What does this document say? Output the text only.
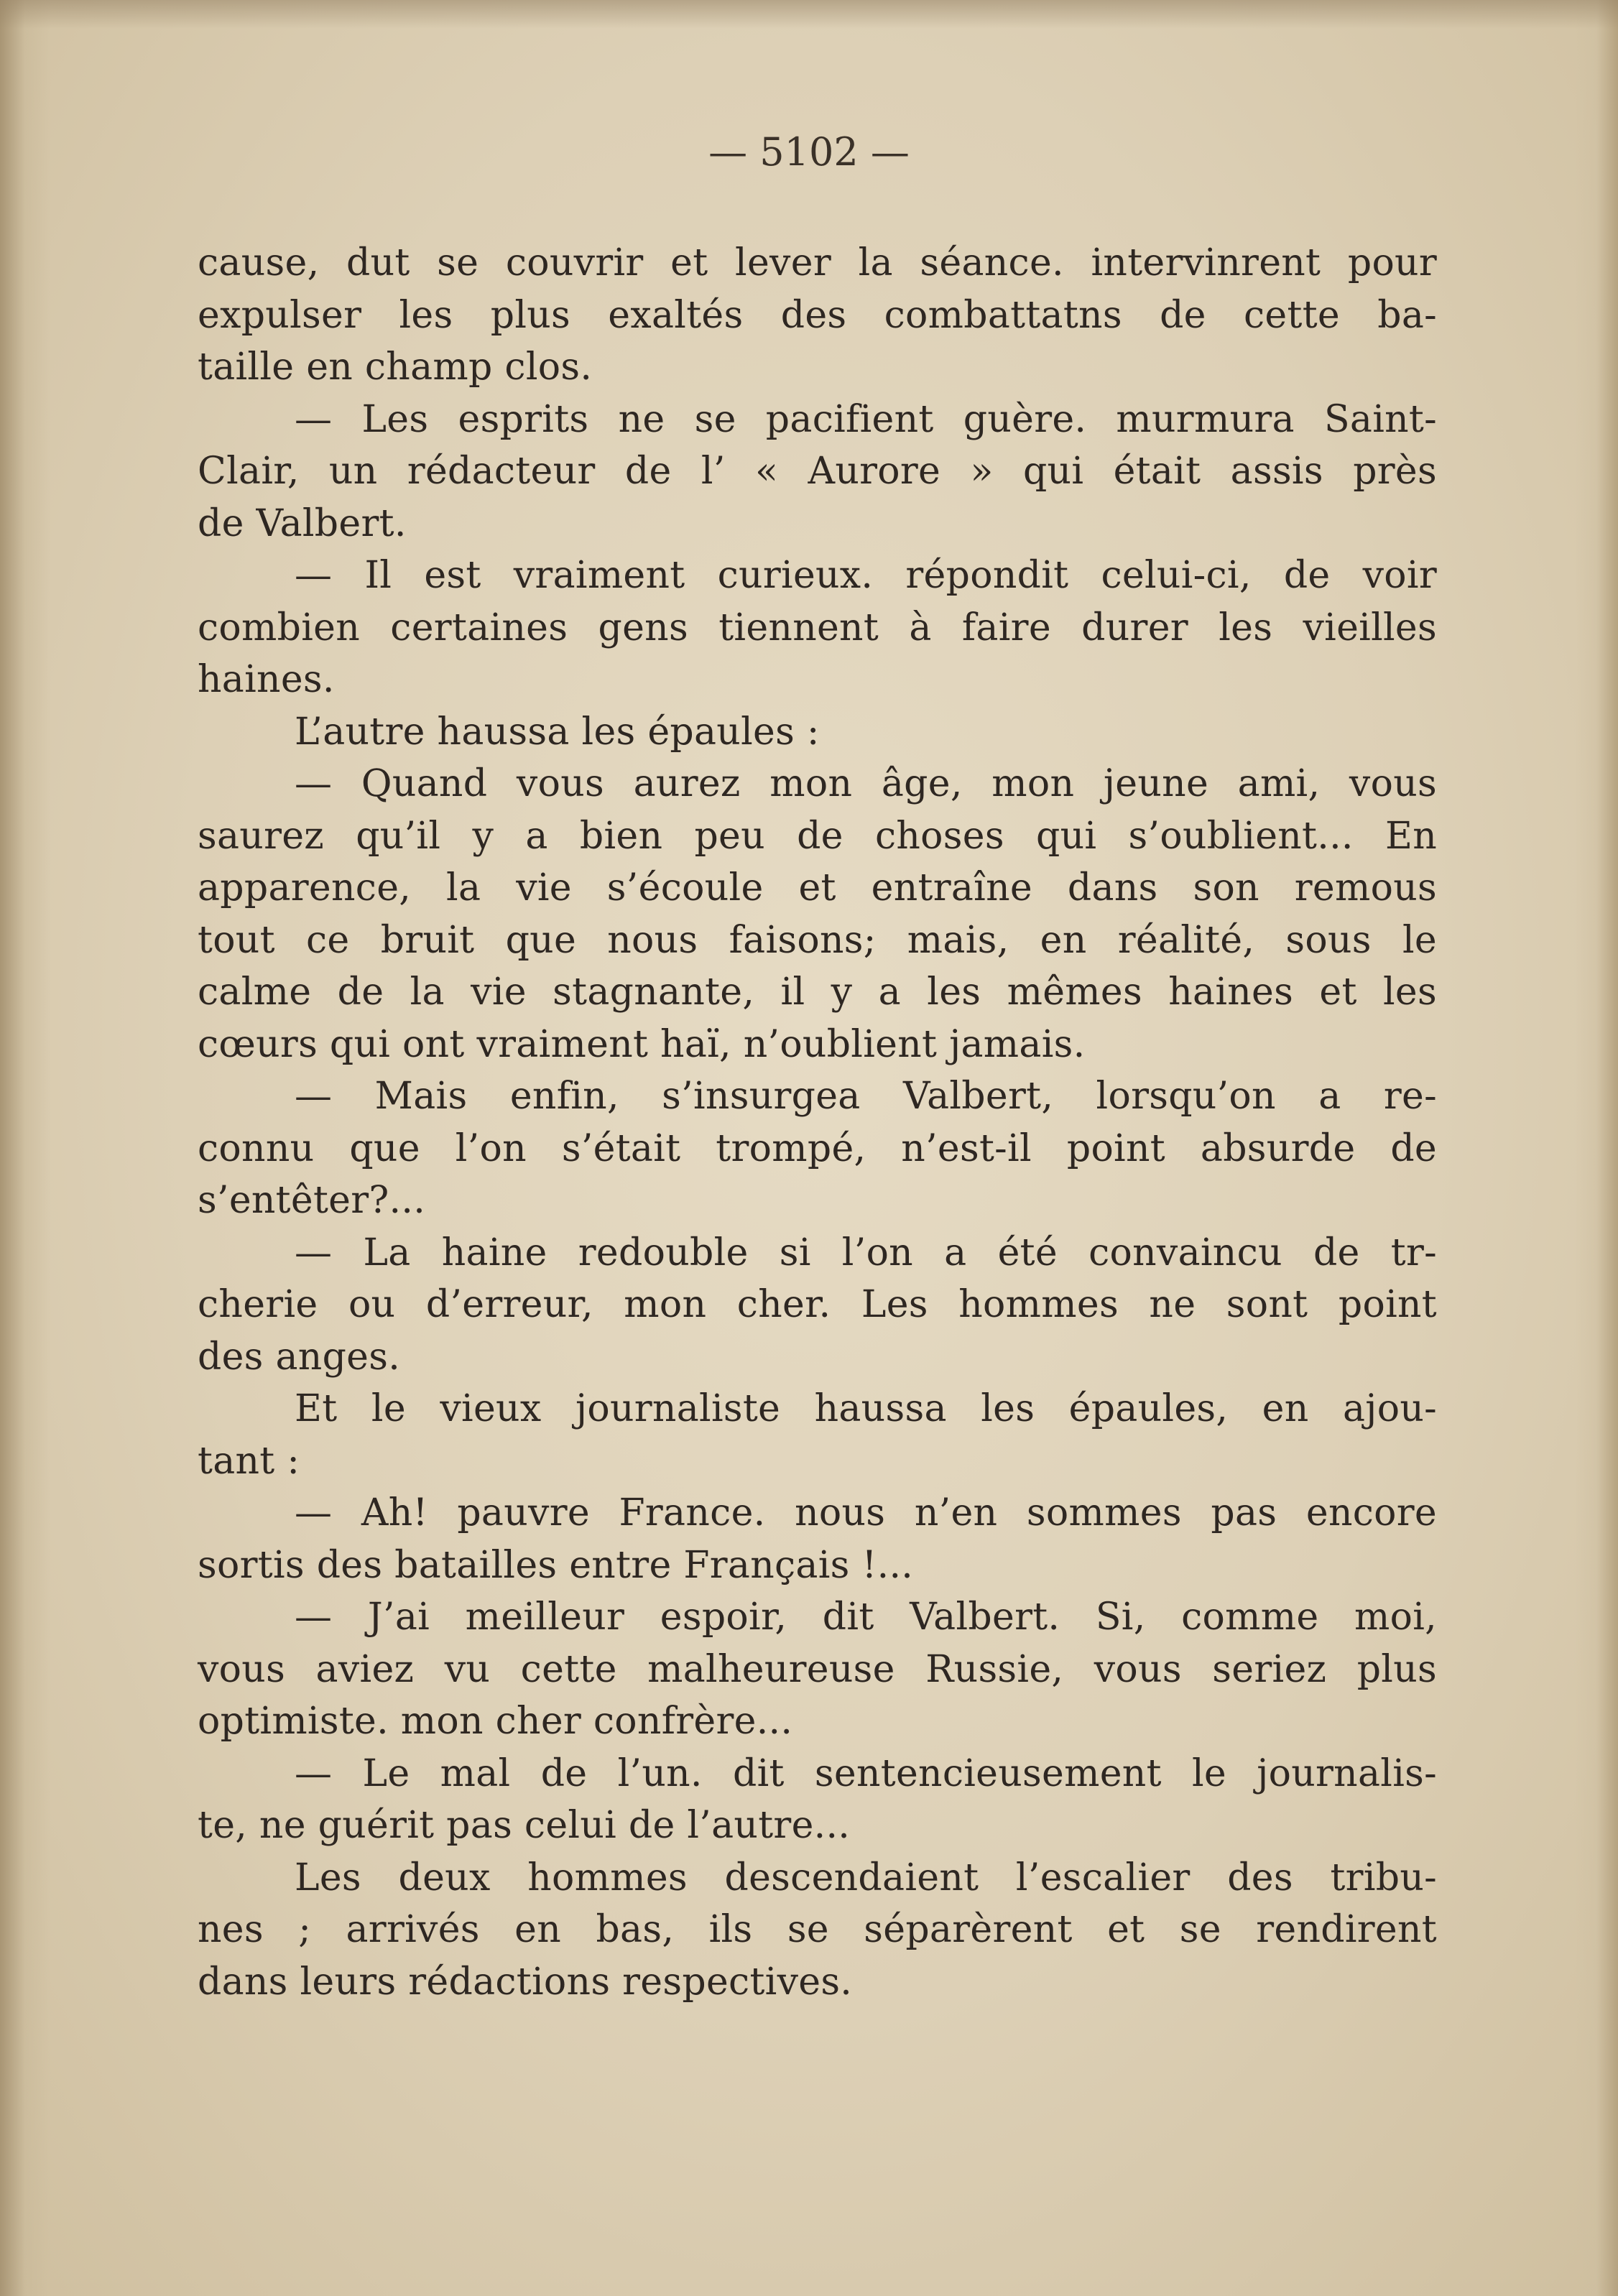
— 5102 —
cause, dut se couvrir et lever la séance. intervinrent pour
expulser les plus exaltés des combattatns de cette ba-
taille en champ clos.
— Les esprits ne se pacifient guère. murmura Saint-
Clair, un rédacteur de l’ « Aurore » qui était assis près
de Valbert.
— Il est vraiment curieux. répondit celui-ci, de voir
combien certaines gens tiennent à faire durer les vieilles
haines.
L’autre haussa les épaules :
— Quand vous aurez mon âge, mon jeune ami, vous
saurez qu’il y a bien peu de choses qui s’oublient... En
apparence, la vie s’écoule et entraîne dans son remous
tout ce bruit que nous faisons; mais, en réalité, sous le
calme de la vie stagnante, il y a les mêmes haines et les
cœurs qui ont vraiment haï, n’oublient jamais.
— Mais enfin, s’insurgea Valbert, lorsqu’on a re-
connu que l’on s’était trompé, n’est-il point absurde de
s’entêter?...
— La haine redouble si l’on a été convaincu de tr-
cherie ou d’erreur, mon cher. Les hommes ne sont point
des anges.
Et le vieux journaliste haussa les épaules, en ajou-
tant :
— Ah! pauvre France. nous n’en sommes pas encore
sortis des batailles entre Français !...
— J’ai meilleur espoir, dit Valbert. Si, comme moi,
vous aviez vu cette malheureuse Russie, vous seriez plus
optimiste. mon cher confrère...
— Le mal de l’un. dit sentencieusement le journalis-
te, ne guérit pas celui de l’autre...
Les deux hommes descendaient l’escalier des tribu-
nes ; arrivés en bas, ils se séparèrent et se rendirent
dans leurs rédactions respectives.
